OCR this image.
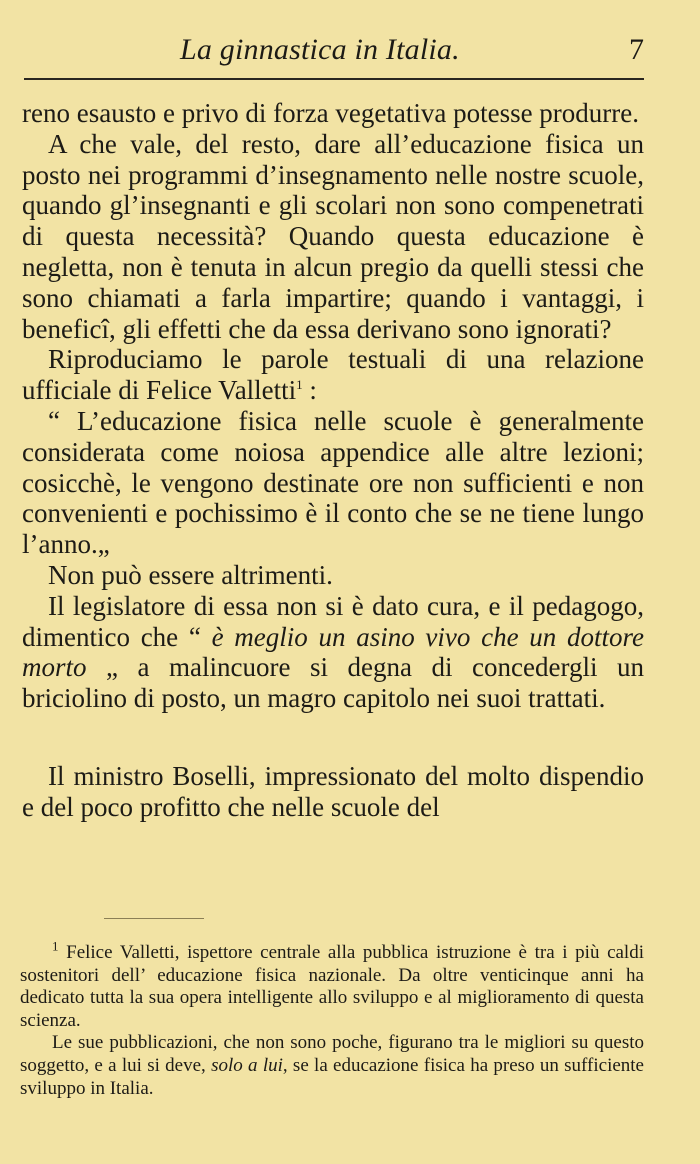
La ginnastica in Italia.	7

reno esausto e privo di forza vegetativa potesse produrre.

A che vale, del resto, dare all’educazione fisica un posto nei programmi d’insegnamento nelle nostre scuole, quando gl’insegnanti e gli scolari non sono compenetrati di questa necessità? Quando questa educazione è negletta, non è tenuta in alcun pregio da quelli stessi che sono chiamati a farla impartire; quando i vantaggi, i beneficî, gli effetti che da essa derivano sono ignorati?

Riproduciamo le parole testuali di una relazione ufficiale di Felice Valletti$^1$ :

“ L’educazione fisica nelle scuole è generalmente considerata come noiosa appendice alle altre lezioni; cosicchè, le vengono destinate ore non sufficienti e non convenienti e pochissimo è il conto che se ne tiene lungo l’anno.„

Non può essere altrimenti.

Il legislatore di essa non si è dato cura, e il pedagogo, dimentico che “ è meglio un asino vivo che un dottore morto „ a malincuore si degna di concedergli un briciolino di posto, un magro capitolo nei suoi trattati.

Il ministro Boselli, impressionato del molto dispendio e del poco profitto che nelle scuole del

$^1$ Felice Valletti, ispettore centrale alla pubblica istruzione è tra i più caldi sostenitori dell’ educazione fisica nazionale. Da oltre venticinque anni ha dedicato tutta la sua opera intelligente allo sviluppo e al miglioramento di questa scienza.

Le sue pubblicazioni, che non sono poche, figurano tra le migliori su questo soggetto, e a lui si deve, solo a lui, se la educazione fisica ha preso un sufficiente sviluppo in Italia.
